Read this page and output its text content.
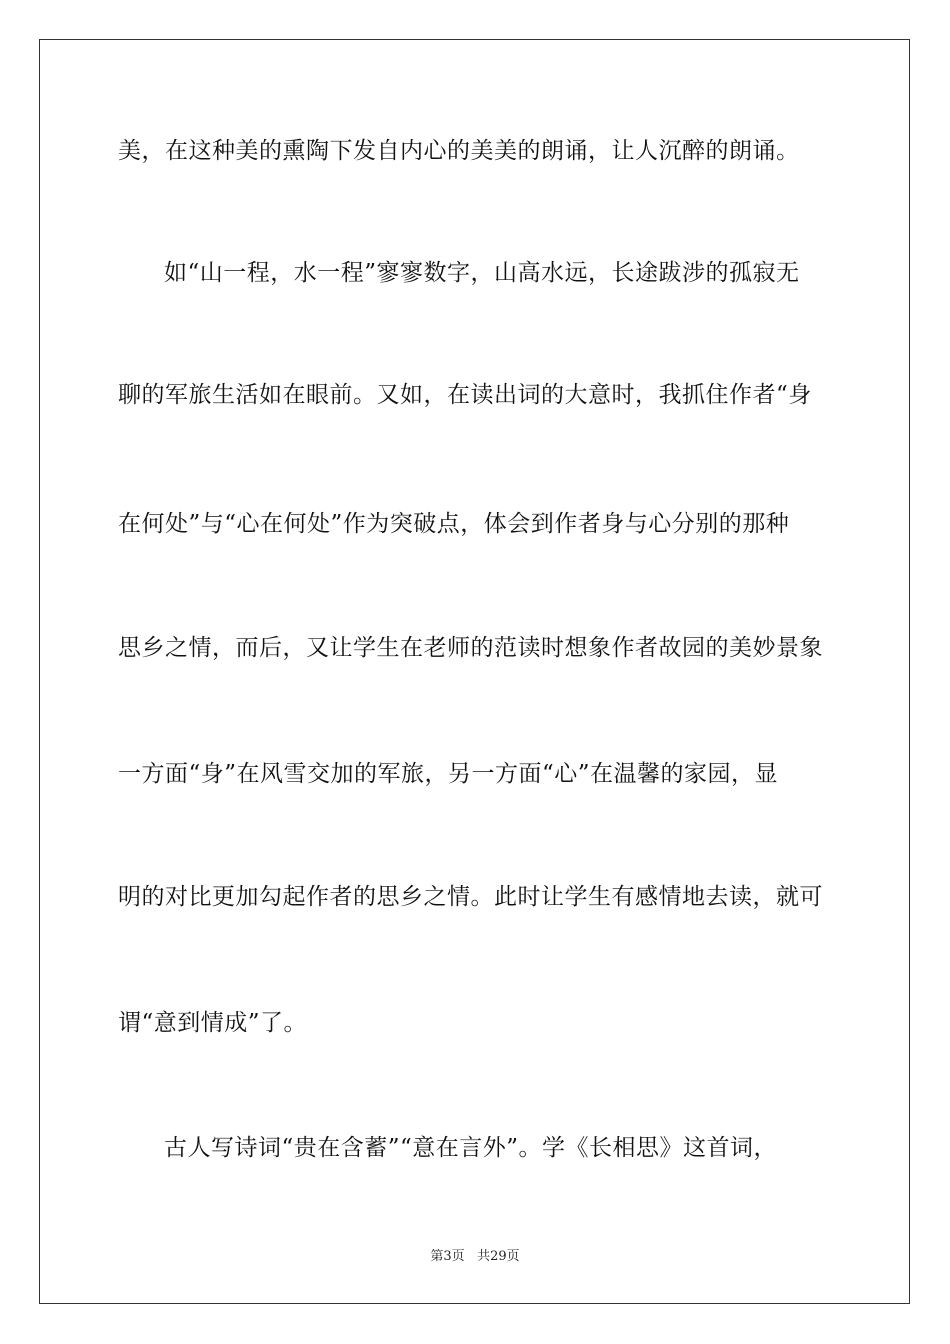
美，在这种美的熏陶下发自内心的美美的朗诵，让人沉醉的朗诵。
如“山一程，水一程”寥寥数字，山高水远，长途跋涉的孤寂无
聊的军旅生活如在眼前。又如，在读出词的大意时，我抓住作者“身
在何处”与“心在何处”作为突破点，体会到作者身与心分别的那种
思乡之情，而后，又让学生在老师的范读时想象作者故园的美妙景象
一方面“身”在风雪交加的军旅，另一方面“心”在温馨的家园，显
明的对比更加勾起作者的思乡之情。此时让学生有感情地去读，就可
谓“意到情成”了。
古人写诗词“贵在含蓄”“意在言外”。学《长相思》这首词，
第3页 共29页
